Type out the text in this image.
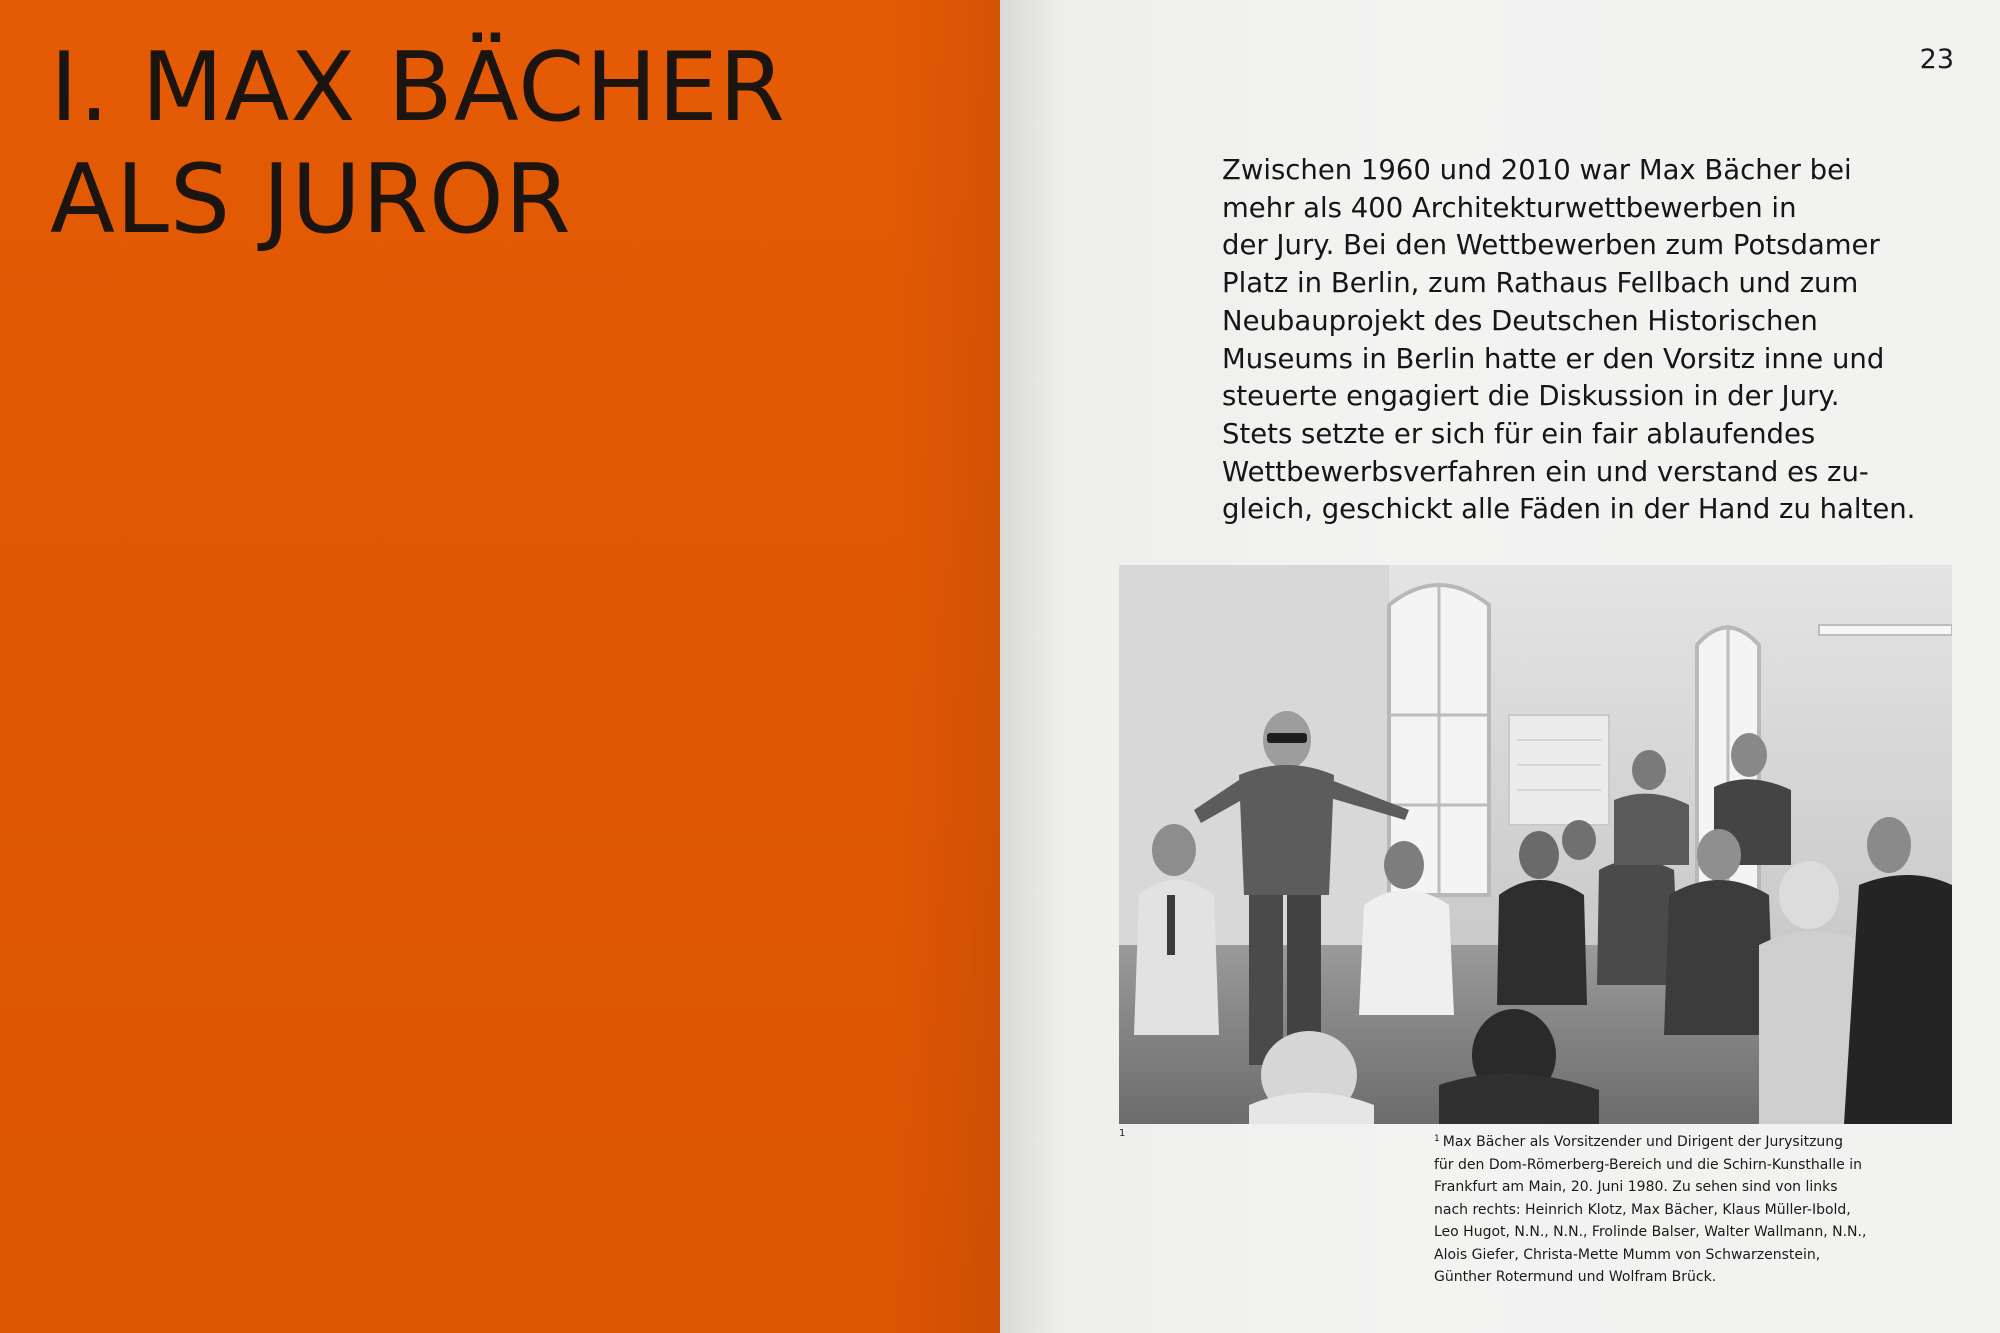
I. MAX BÄCHER
ALS JUROR
23

Zwischen 1960 und 2010 war Max Bächer bei
mehr als 400 Architekturwettbewerben in
der Jury. Bei den Wettbewerben zum Potsdamer
Platz in Berlin, zum Rathaus Fellbach und zum
Neubauprojekt des Deutschen Historischen
Museums in Berlin hatte er den Vorsitz inne und
steuerte engagiert die Diskussion in der Jury.
Stets setzte er sich für ein fair ablaufendes
Wettbewerbsverfahren ein und verstand es zu-
gleich, geschickt alle Fäden in der Hand zu halten.

1	$^1$ Max Bächer als Vorsitzender und Dirigent der Jurysitzung
für den Dom-Römerberg-Bereich und die Schirn-Kunsthalle in
Frankfurt am Main, 20. Juni 1980. Zu sehen sind von links
nach rechts: Heinrich Klotz, Max Bächer, Klaus Müller-Ibold,
Leo Hugot, N.N., N.N., Frolinde Balser, Walter Wallmann, N.N.,
Alois Giefer, Christa-Mette Mumm von Schwarzenstein,
Günther Rotermund und Wolfram Brück.
